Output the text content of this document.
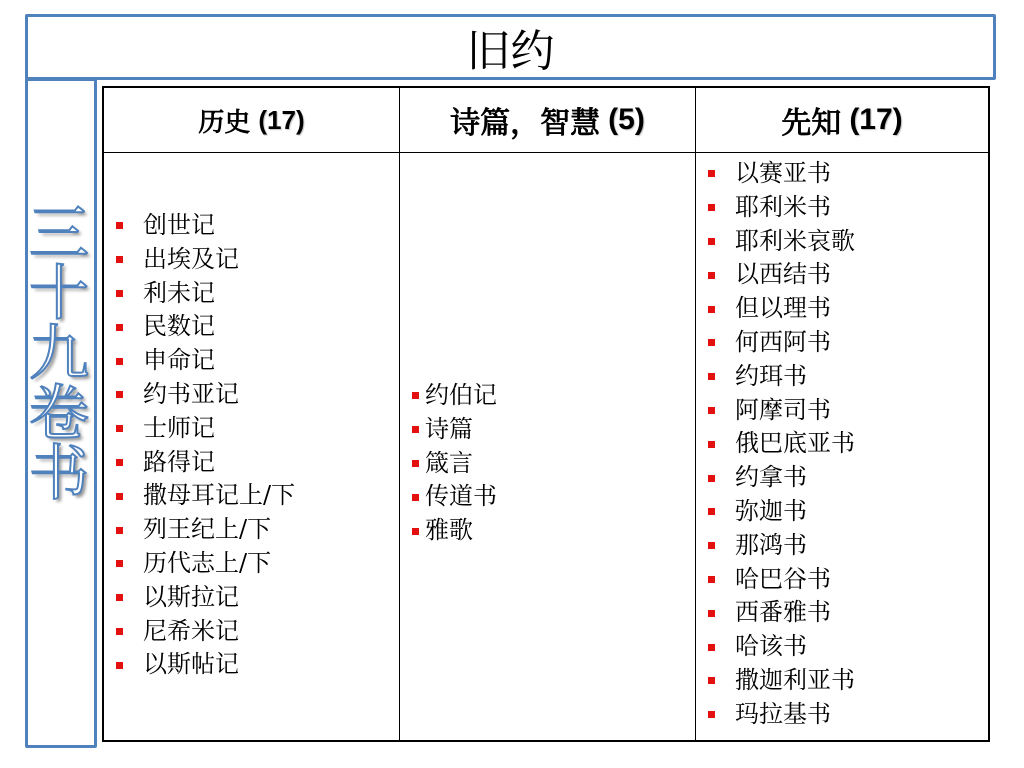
旧约
三十九卷书
历史 (17)	诗篇，智慧 (5)	先知 (17)
创世记
出埃及记
利未记
民数记
申命记
约书亚记
士师记
路得记
撒母耳记上/下
列王纪上/下
历代志上/下
以斯拉记
尼希米记
以斯帖记
约伯记
诗篇
箴言
传道书
雅歌
以赛亚书
耶利米书
耶利米哀歌
以西结书
但以理书
何西阿书
约珥书
阿摩司书
俄巴底亚书
约拿书
弥迦书
那鸿书
哈巴谷书
西番雅书
哈该书
撒迦利亚书
玛拉基书
